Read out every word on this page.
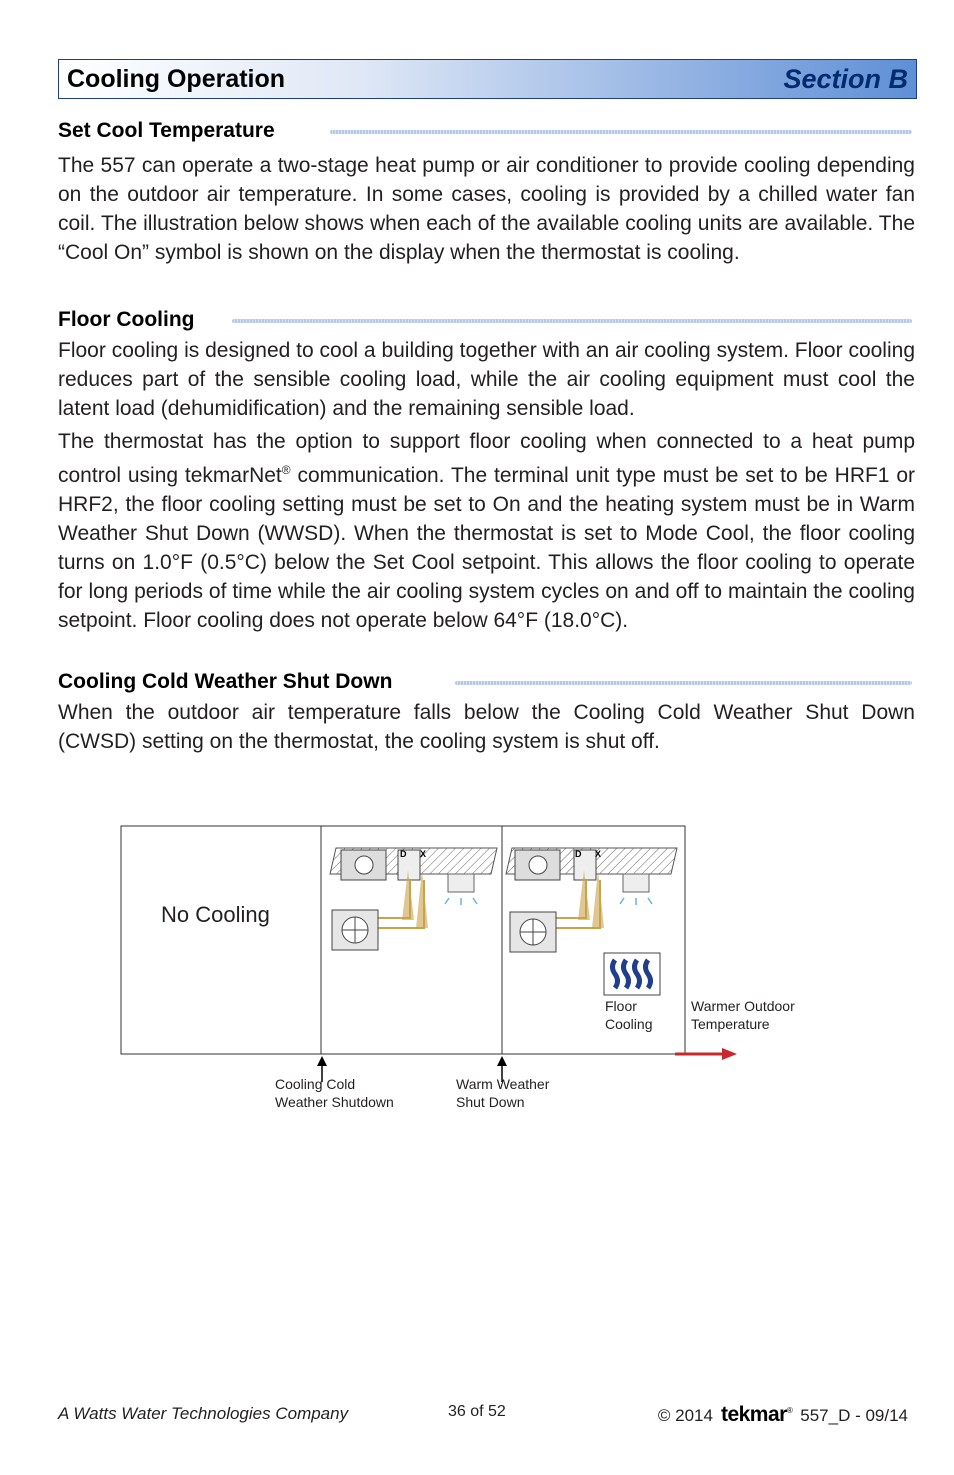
Cooling Operation	Section B
Set Cool Temperature
The 557 can operate a two-stage heat pump or air conditioner to provide cooling depending on the outdoor air temperature. In some cases, cooling is provided by a chilled water fan coil. The illustration below shows when each of the available cooling units are available. The “Cool On” symbol is shown on the display when the thermostat is cooling.
Floor Cooling
Floor cooling is designed to cool a building together with an air cooling system. Floor cooling reduces part of the sensible cooling load, while the air cooling equipment must cool the latent load (dehumidification) and the remaining sensible load.
The thermostat has the option to support floor cooling when connected to a heat pump control using tekmarNet® communication. The terminal unit type must be set to be HRF1 or HRF2, the floor cooling setting must be set to On and the heating system must be in Warm Weather Shut Down (WWSD). When the thermostat is set to Mode Cool, the floor cooling turns on 1.0°F (0.5°C) below the Set Cool setpoint. This allows the floor cooling to operate for long periods of time while the air cooling system cycles on and off to maintain the cooling setpoint. Floor cooling does not operate below 64°F (18.0°C).
Cooling Cold Weather Shut Down
When the outdoor air temperature falls below the Cooling Cold Weather Shut Down (CWSD) setting on the thermostat, the cooling system is shut off.
D X	D X
No Cooling
Floor
Cooling
Warmer Outdoor
Temperature
Cooling Cold
Weather Shutdown
Warm Weather
Shut Down
A Watts Water Technologies Company	36 of 52	© 2014 tekmar® 557_D - 09/14
